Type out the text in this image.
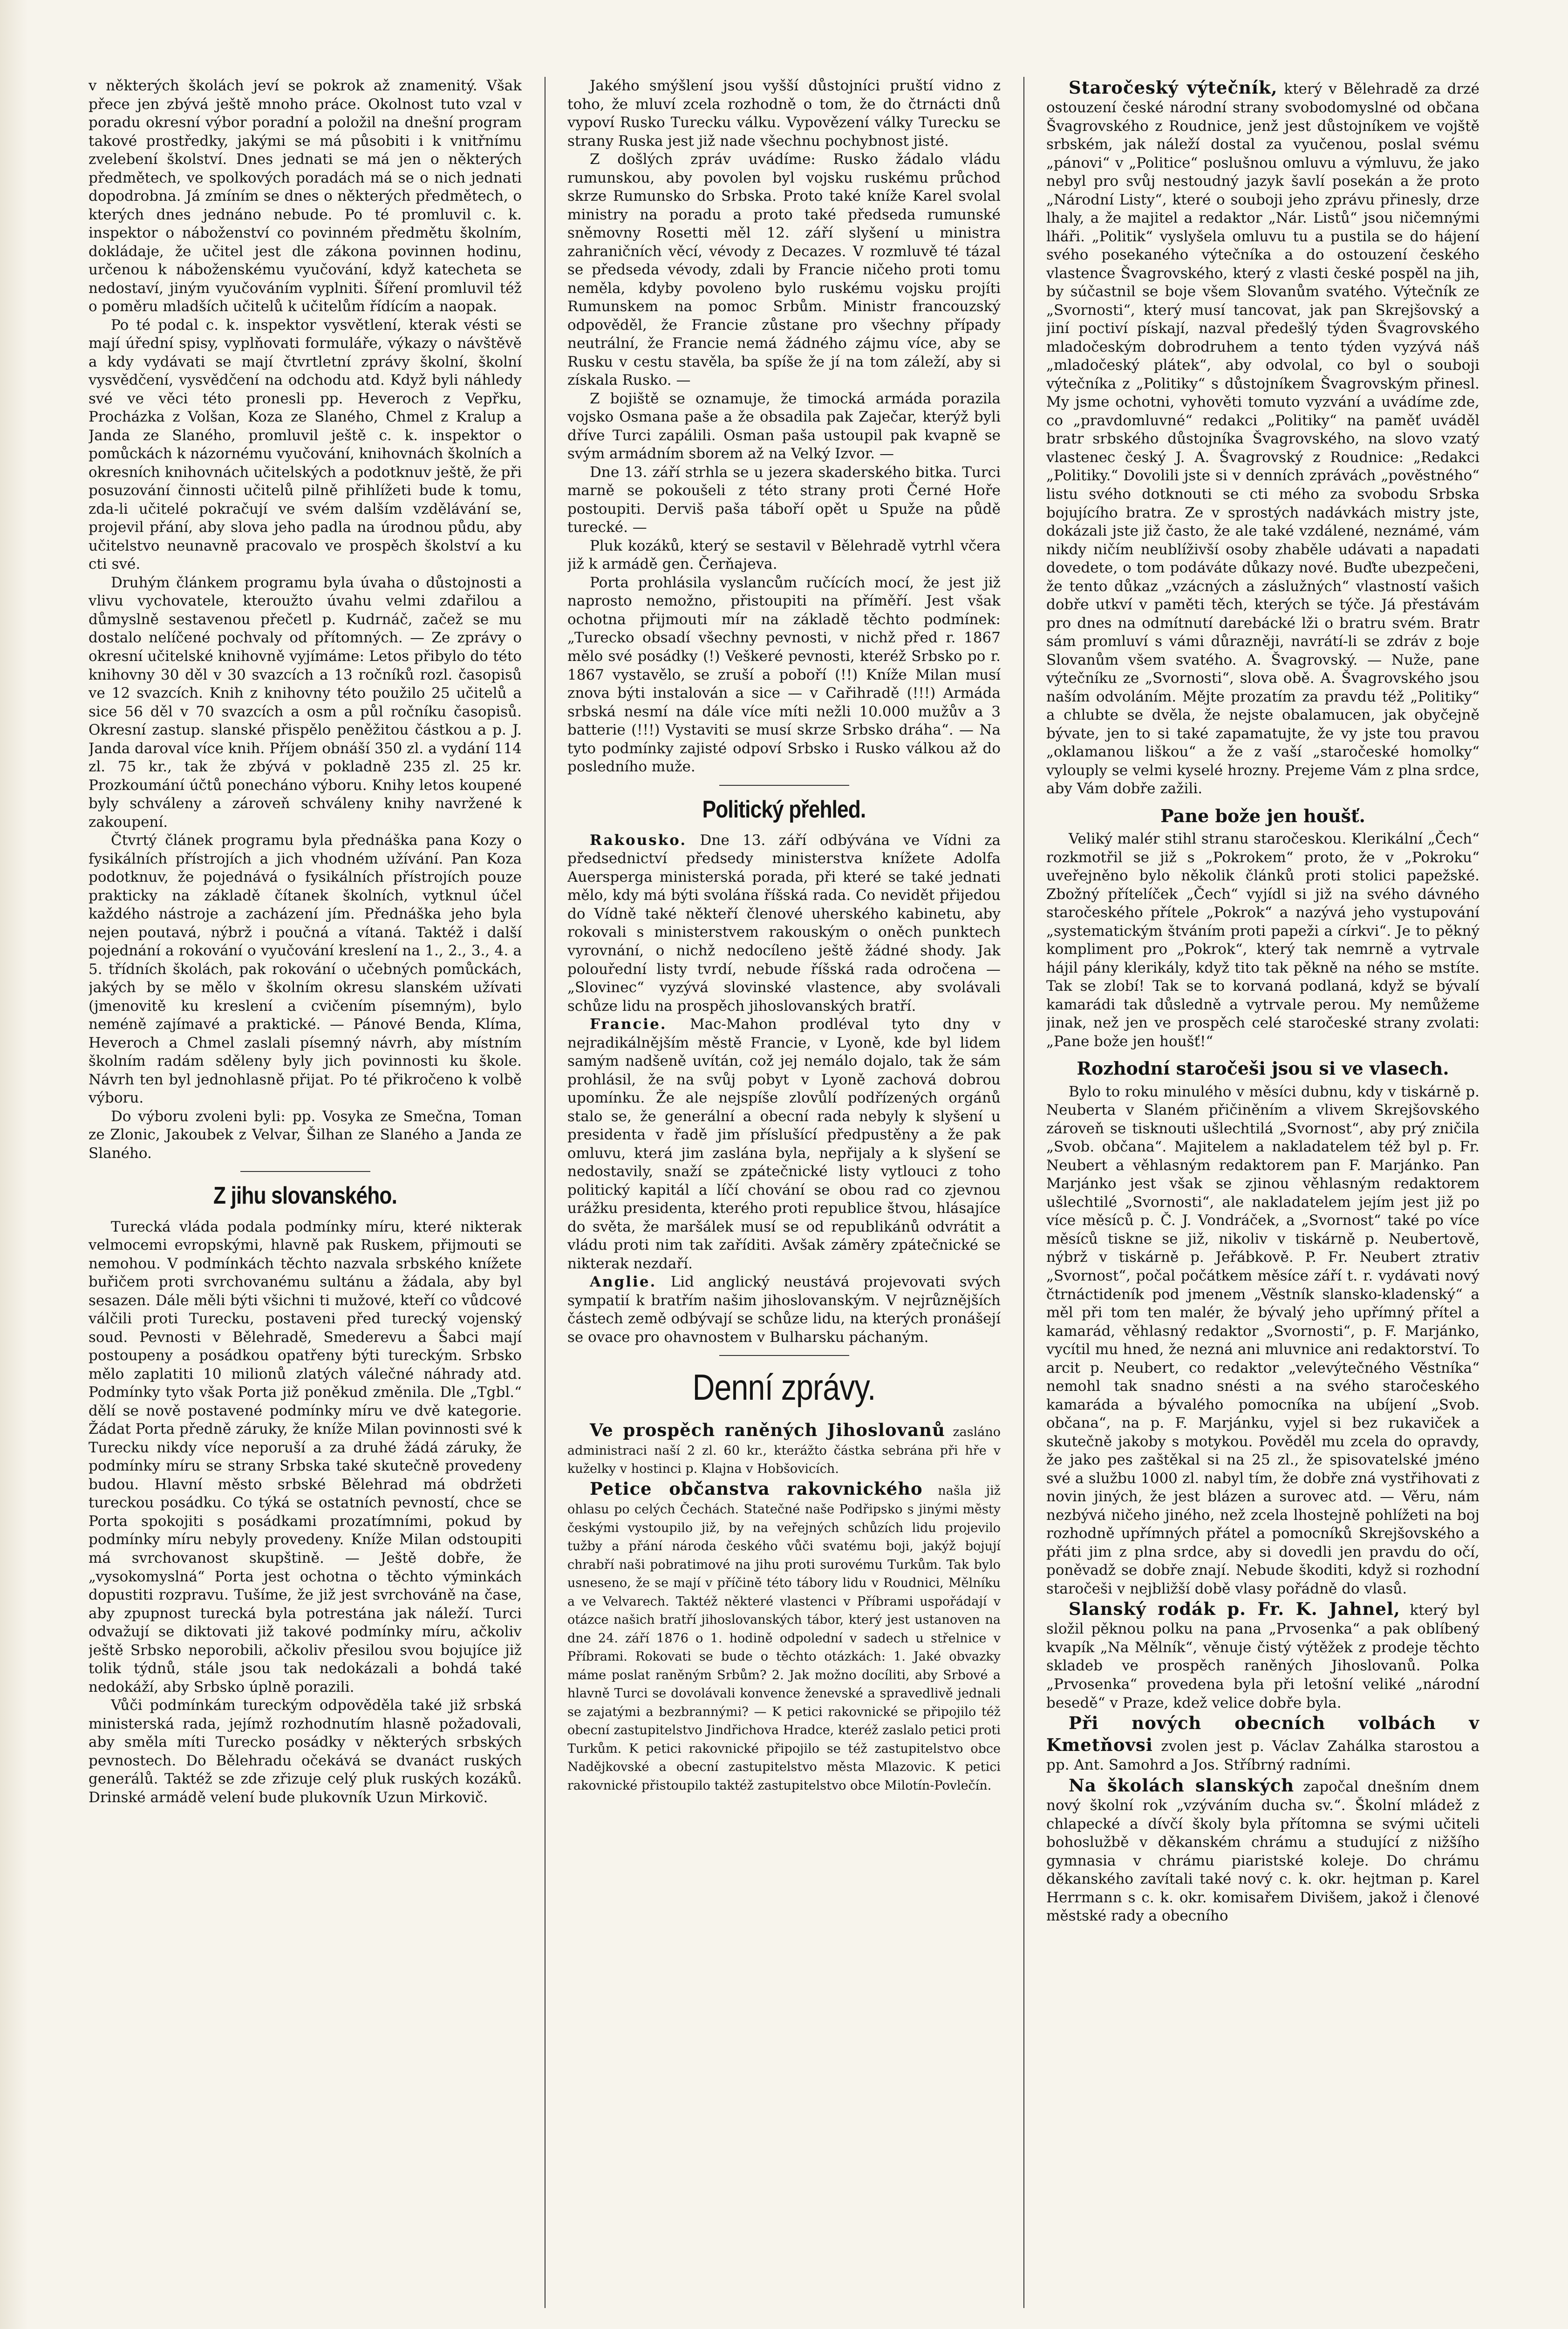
v některých školách jeví se pokrok až znamenitý. Však přece jen zbývá ještě mnoho práce. Okolnost tuto vzal v poradu okresní výbor poradní a položil na dnešní program takové prostředky, jakými se má působiti i k vnitřnímu zvelebení školství. Dnes jednati se má jen o některých předmětech, ve spolkových poradách má se o nich jednati dopodrobna. Já zmíním se dnes o některých předmětech, o kterých dnes jednáno nebude. Po té promluvil c. k. inspektor o náboženství co povinném předmětu školním, dokládaje, že učitel jest dle zákona povinnen hodinu, určenou k náboženskému vyučování, když katecheta se nedostaví, jiným vyučováním vyplniti. Šíření promluvil též o poměru mladších učitelů k učitelům řídícím a naopak.

Po té podal c. k. inspektor vysvětlení, kterak vésti se mají úřední spisy, vyplňovati formuláře, výkazy o návštěvě a kdy vydávati se mají čtvrtletní zprávy školní, školní vysvědčení, vysvědčení na odchodu atd. Když byli náhledy své ve věci této pronesli pp. Heveroch z Vepřku, Procházka z Volšan, Koza ze Slaného, Chmel z Kralup a Janda ze Slaného, promluvil ještě c. k. inspektor o pomůckách k názornému vyučování, knihovnách školních a okresních knihovnách učitelských a podotknuv ještě, že při posuzování činnosti učitelů pilně přihlížeti bude k tomu, zda-li učitelé pokračují ve svém dalším vzdělávání se, projevil přání, aby slova jeho padla na úrodnou půdu, aby učitelstvo neunavně pracovalo ve prospěch školství a ku cti své.

Druhým článkem programu byla úvaha o důstojnosti a vlivu vychovatele, kteroužto úvahu velmi zdařilou a důmyslně sestavenou přečetl p. Kudrnáč, začež se mu dostalo nelíčené pochvaly od přítomných. — Ze zprávy o okresní učitelské knihovně vyjímáme: Letos přibylo do této knihovny 30 děl v 30 svazcích a 13 ročníků rozl. časopisů ve 12 svazcích. Knih z knihovny této použilo 25 učitelů a sice 56 děl v 70 svazcích a osm a půl ročníku časopisů. Okresní zastup. slanské přispělo peněžitou částkou a p. J. Janda daroval více knih. Příjem obnáší 350 zl. a vydání 114 zl. 75 kr., tak že zbývá v pokladně 235 zl. 25 kr. Prozkoumání účtů ponecháno výboru. Knihy letos koupené byly schváleny a zároveň schváleny knihy navržené k zakoupení.

Čtvrtý článek programu byla přednáška pana Kozy o fysikálních přístrojích a jich vhodném užívání. Pan Koza podotknuv, že pojednává o fysikálních přístrojích pouze prakticky na základě čítanek školních, vytknul účel každého nástroje a zacházení jím. Přednáška jeho byla nejen poutavá, nýbrž i poučná a vítaná. Taktéž i další pojednání a rokování o vyučování kreslení na 1., 2., 3., 4. a 5. třídních školách, pak rokování o učebných pomůckách, jakých by se mělo v školním okresu slanském užívati (jmenovitě ku kreslení a cvičením písemným), bylo neméně zajímavé a praktické. — Pánové Benda, Klíma, Heveroch a Chmel zaslali písemný návrh, aby místním školním radám sděleny byly jich povinnosti ku škole. Návrh ten byl jednohlasně přijat. Po té přikročeno k volbě výboru.

Do výboru zvoleni byli: pp. Vosyka ze Smečna, Toman ze Zlonic, Jakoubek z Velvar, Šilhan ze Slaného a Janda ze Slaného.

Z jihu slovanského.

Turecká vláda podala podmínky míru, které nikterak velmocemi evropskými, hlavně pak Ruskem, přijmouti se nemohou. V podmínkách těchto nazvala srbského knížete buřičem proti svrchovanému sultánu a žádala, aby byl sesazen. Dále měli býti všichni ti mužové, kteří co vůdcové válčili proti Turecku, postaveni před turecký vojenský soud. Pevnosti v Bělehradě, Smederevu a Šabci mají postoupeny a posádkou opatřeny býti tureckým. Srbsko mělo zaplatiti 10 milionů zlatých válečné náhrady atd. Podmínky tyto však Porta již poněkud změnila. Dle „Tgbl.“ dělí se nově postavené podmínky míru ve dvě kategorie. Žádat Porta předně záruky, že kníže Milan povinnosti své k Turecku nikdy více neporuší a za druhé žádá záruky, že podmínky míru se strany Srbska také skutečně provedeny budou. Hlavní město srbské Bělehrad má obdržeti tureckou posádku. Co týká se ostatních pevností, chce se Porta spokojiti s posádkami prozatímními, pokud by podmínky míru nebyly provedeny. Kníže Milan odstoupiti má svrchovanost skupštině. — Ještě dobře, že „vysokomyslná“ Porta jest ochotna o těchto výminkách dopustiti rozpravu. Tušíme, že již jest svrchováně na čase, aby zpupnost turecká byla potrestána jak náleží. Turci odvažují se diktovati již takové podmínky míru, ačkoliv ještě Srbsko neporobili, ačkoliv přesilou svou bojujíce již tolik týdnů, stále jsou tak nedokázali a bohdá také nedokáží, aby Srbsko úplně porazili.

Vůči podmínkám tureckým odpověděla také již srbská ministerská rada, jejímž rozhodnutím hlasně požadovali, aby směla míti Turecko posádky v některých srbských pevnostech. Do Bělehradu očekává se dvanáct ruských generálů. Taktéž se zde zřizuje celý pluk ruských kozáků. Drinské armádě velení bude plukovník Uzun Mirkovič.

Jakého smýšlení jsou vyšší důstojníci pruští vidno z toho, že mluví zcela rozhodně o tom, že do čtrnácti dnů vypoví Rusko Turecku válku. Vypovězení války Turecku se strany Ruska jest již nade všechnu pochybnost jisté.

Z došlých zpráv uvádíme: Rusko žádalo vládu rumunskou, aby povolen byl vojsku ruskému průchod skrze Rumunsko do Srbska. Proto také kníže Karel svolal ministry na poradu a proto také předseda rumunské sněmovny Rosetti měl 12. září slyšení u ministra zahraničních věcí, vévody z Decazes. V rozmluvě té tázal se předseda vévody, zdali by Francie ničeho proti tomu neměla, kdyby povoleno bylo ruskému vojsku projíti Rumunskem na pomoc Srbům. Ministr francouzský odpověděl, že Francie zůstane pro všechny případy neutrální, že Francie nemá žádného zájmu více, aby se Rusku v cestu stavěla, ba spíše že jí na tom záleží, aby si získala Rusko. —

Z bojiště se oznamuje, že timocká armáda porazila vojsko Osmana paše a že obsadila pak Zaječar, kterýž byli dříve Turci zapálili. Osman paša ustoupil pak kvapně se svým armádním sborem až na Velký Izvor. —

Dne 13. září strhla se u jezera skaderského bitka. Turci marně se pokoušeli z této strany proti Černé Hoře postoupiti. Derviš paša táboří opět u Spuže na půdě turecké. —

Pluk kozáků, který se sestavil v Bělehradě vytrhl včera již k armádě gen. Čerňajeva.

Porta prohlásila vyslancům ručících mocí, že jest již naprosto nemožno, přistoupiti na příměří. Jest však ochotna přijmouti mír na základě těchto podmínek: „Turecko obsadí všechny pevnosti, v nichž před r. 1867 mělo své posádky (!) Veškeré pevnosti, kteréž Srbsko po r. 1867 vystavělo, se zruší a poboří (!!) Kníže Milan musí znova býti instalován a sice — v Cařihradě (!!!) Armáda srbská nesmí na dále více míti nežli 10.000 mužův a 3 batterie (!!!) Vystaviti se musí skrze Srbsko dráha“. — Na tyto podmínky zajisté odpoví Srbsko i Rusko válkou až do posledního muže.

Politický přehled.

Rakousko. Dne 13. září odbývána ve Vídni za předsednictví předsedy ministerstva knížete Adolfa Auersperga ministerská porada, při které se také jednati mělo, kdy má býti svolána říšská rada. Co nevidět přijedou do Vídně také někteří členové uherského kabinetu, aby rokovali s ministerstvem rakouským o oněch punktech vyrovnání, o nichž nedocíleno ještě žádné shody. Jak polouřední listy tvrdí, nebude říšská rada odročena — „Slovinec“ vyzývá slovinské vlastence, aby svolávali schůze lidu na prospěch jihoslovanských bratří.

Francie. Mac-Mahon prodléval tyto dny v nejradikálnějším městě Francie, v Lyoně, kde byl lidem samým nadšeně uvítán, což jej nemálo dojalo, tak že sám prohlásil, že na svůj pobyt v Lyoně zachová dobrou upomínku. Že ale nejspíše zlovůlí podřízených orgánů stalo se, že generální a obecní rada nebyly k slyšení u presidenta v řadě jim příslušící předpustěny a že pak omluvu, která jim zaslána byla, nepřijaly a k slyšení se nedostavily, snaží se zpátečnické listy vytlouci z toho politický kapitál a líčí chování se obou rad co zjevnou urážku presidenta, kterého proti republice štvou, hlásajíce do světa, že maršálek musí se od republikánů odvrátit a vládu proti nim tak zaříditi. Avšak záměry zpátečnické se nikterak nezdaří.

Anglie. Lid anglický neustává projevovati svých sympatií k bratřím našim jihoslovanským. V nejrůznějších částech země odbývají se schůze lidu, na kterých pronášejí se ovace pro ohavnostem v Bulharsku páchaným.

Denní zprávy.

Ve prospěch raněných Jihoslovanů zasláno administraci naší 2 zl. 60 kr., kterážto částka sebrána při hře v kuželky v hostinci p. Klajna v Hobšovicích.

Petice občanstva rakovnického našla již ohlasu po celých Čechách. Statečné naše Podřipsko s jinými městy českými vystoupilo již, by na veřejných schůzích lidu projevilo tužby a přání národa českého vůči svatému boji, jakýž bojují chrabří naši pobratimové na jihu proti surovému Turkům. Tak bylo usneseno, že se mají v příčině této tábory lidu v Roudnici, Mělníku a ve Velvarech. Taktéž některé vlastenci v Příbrami uspořádají v otázce našich bratří jihoslovanských tábor, který jest ustanoven na dne 24. září 1876 o 1. hodině odpolední v sadech u střelnice v Příbrami. Rokovati se bude o těchto otázkách: 1. Jaké obvazky máme poslat raněným Srbům? 2. Jak možno docíliti, aby Srbové a hlavně Turci se dovolávali konvence ženevské a spravedlivě jednali se zajatými a bezbrannými? — K petici rakovnické se připojilo též obecní zastupitelstvo Jindřichova Hradce, kteréž zaslalo petici proti Turkům. K petici rakovnické připojilo se též zastupitelstvo obce Nadějkovské a obecní zastupitelstvo města Mlazovic. K petici rakovnické přistoupilo taktéž zastupitelstvo obce Milotín-Povlečín.

Staročeský výtečník, který v Bělehradě za drzé ostouzení české národní strany svobodomyslné od občana Švagrovského z Roudnice, jenž jest důstojníkem ve vojště srbském, jak náleží dostal za vyučenou, poslal svému „pánovi“ v „Politice“ poslušnou omluvu a výmluvu, že jako nebyl pro svůj nestoudný jazyk šavlí posekán a že proto „Národní Listy“, které o souboji jeho zprávu přinesly, drze lhaly, a že majitel a redaktor „Nár. Listů“ jsou ničemnými lháři. „Politik“ vyslyšela omluvu tu a pustila se do hájení svého posekaného výtečníka a do ostouzení českého vlastence Švagrovského, který z vlasti české pospěl na jih, by súčastnil se boje všem Slovanům svatého. Výtečník ze „Svornosti“, který musí tancovat, jak pan Skrejšovský a jiní poctiví pískají, nazval předešlý týden Švagrovského mladočeským dobrodruhem a tento týden vyzývá náš „mladočeský plátek“, aby odvolal, co byl o souboji výtečníka z „Politiky“ s důstojníkem Švagrovským přinesl. My jsme ochotni, vyhověti tomuto vyzvání a uvádíme zde, co „pravdomluvné“ redakci „Politiky“ na paměť uváděl bratr srbského důstojníka Švagrovského, na slovo vzatý vlastenec český J. A. Švagrovský z Roudnice: „Redakci „Politiky.“ Dovolili jste si v denních zprávách „pověstného“ listu svého dotknouti se cti mého za svobodu Srbska bojujícího bratra. Ze v sprostých nadávkách mistry jste, dokázali jste již často, že ale také vzdálené, neznámé, vám nikdy ničím neublíživší osoby zhaběle udávati a napadati dovedete, o tom podáváte důkazy nové. Buďte ubezpečeni, že tento důkaz „vzácných a záslužných“ vlastností vašich dobře utkví v paměti těch, kterých se týče. Já přestávám pro dnes na odmítnutí darebácké lži o bratru svém. Bratr sám promluví s vámi důrazněji, navrátí-li se zdráv z boje Slovanům všem svatého. A. Švagrovský. — Nuže, pane výtečníku ze „Svornosti“, slova obě. A. Švagrovského jsou naším odvoláním. Mějte prozatím za pravdu též „Politiky“ a chlubte se dvěla, že nejste obalamucen, jak obyčejně bývate, jen to si také zapamatujte, že vy jste tou pravou „oklamanou liškou“ a že z vaší „staročeské homolky“ vylouply se velmi kyselé hrozny. Prejeme Vám z plna srdce, aby Vám dobře zažili.

Pane bože jen houšť.

Veliký malér stihl stranu staročeskou. Klerikální „Čech“ rozkmotřil se již s „Pokrokem“ proto, že v „Pokroku“ uveřejněno bylo několik článků proti stolici papežské. Zbožný přítelíček „Čech“ vyjídl si již na svého dávného staročeského přítele „Pokrok“ a nazývá jeho vystupování „systematickým štváním proti papeži a církvi“. Je to pěkný kompliment pro „Pokrok“, který tak nemrně a vytrvale hájil pány klerikály, když tito tak pěkně na ného se mstíte. Tak se zlobí! Tak se to korvaná podlaná, když se bývalí kamarádi tak důsledně a vytrvale perou. My nemůžeme jinak, než jen ve prospěch celé staročeské strany zvolati: „Pane bože jen houšť!“

Rozhodní staročeši jsou si ve vlasech.

Bylo to roku minulého v měsíci dubnu, kdy v tiskárně p. Neuberta v Slaném přičiněním a vlivem Skrejšovského zároveň se tisknouti ušlechtilá „Svornost“, aby prý zničila „Svob. občana“. Majitelem a nakladatelem též byl p. Fr. Neubert a věhlasným redaktorem pan F. Marjánko. Pan Marjánko jest však se zjinou věhlasným redaktorem ušlechtilé „Svornosti“, ale nakladatelem jejím jest již po více měsíců p. Č. J. Vondráček, a „Svornost“ také po více měsíců tiskne se již, nikoliv v tiskárně p. Neubertově, nýbrž v tiskárně p. Jeřábkově. P. Fr. Neubert ztrativ „Svornost“, počal počátkem měsíce září t. r. vydávati nový čtrnáctideník pod jmenem „Věstník slansko-kladenský“ a měl při tom ten malér, že bývalý jeho upřímný přítel a kamarád, věhlasný redaktor „Svornosti“, p. F. Marjánko, vycítil mu hned, že nezná ani mluvnice ani redaktorství. To arcit p. Neubert, co redaktor „velevýtečného Věstníka“ nemohl tak snadno snésti a na svého staročeského kamaráda a bývalého pomocníka na ubíjení „Svob. občana“, na p. F. Marjánku, vyjel si bez rukaviček a skutečně jakoby s motykou. Pověděl mu zcela do opravdy, že jako pes zaštěkal si na 25 zl., že spisovatelské jméno své a službu 1000 zl. nabyl tím, že dobře zná vystřihovati z novin jiných, že jest blázen a surovec atd. — Věru, nám nezbývá ničeho jiného, než zcela lhostejně pohlížeti na boj rozhodně upřímných přátel a pomocníků Skrejšovského a přáti jim z plna srdce, aby si dovedli jen pravdu do očí, poněvadž se dobře znají. Nebude škoditi, když si rozhodní staročeši v nejbližší době vlasy pořádně do vlasů.

Slanský rodák p. Fr. K. Jahnel, který byl složil pěknou polku na pana „Prvosenka“ a pak oblíbený kvapík „Na Mělník“, věnuje čistý výtěžek z prodeje těchto skladeb ve prospěch raněných Jihoslovanů. Polka „Prvosenka“ provedena byla při letošní veliké „národní besedě“ v Praze, kdež velice dobře byla.

Při nových obecních volbách v Kmetňovsi zvolen jest p. Václav Zahálka starostou a pp. Ant. Samohrd a Jos. Stříbrný radními.

Na školách slanských započal dnešním dnem nový školní rok „vzýváním ducha sv.“. Školní mládež z chlapecké a dívčí školy byla přítomna se svými učiteli bohoslužbě v děkanském chrámu a studující z nižšího gymnasia v chrámu piaristské koleje. Do chrámu děkanského zavítali také nový c. k. okr. hejtman p. Karel Herrmann s c. k. okr. komisařem Divišem, jakož i členové městské rady a obecního
